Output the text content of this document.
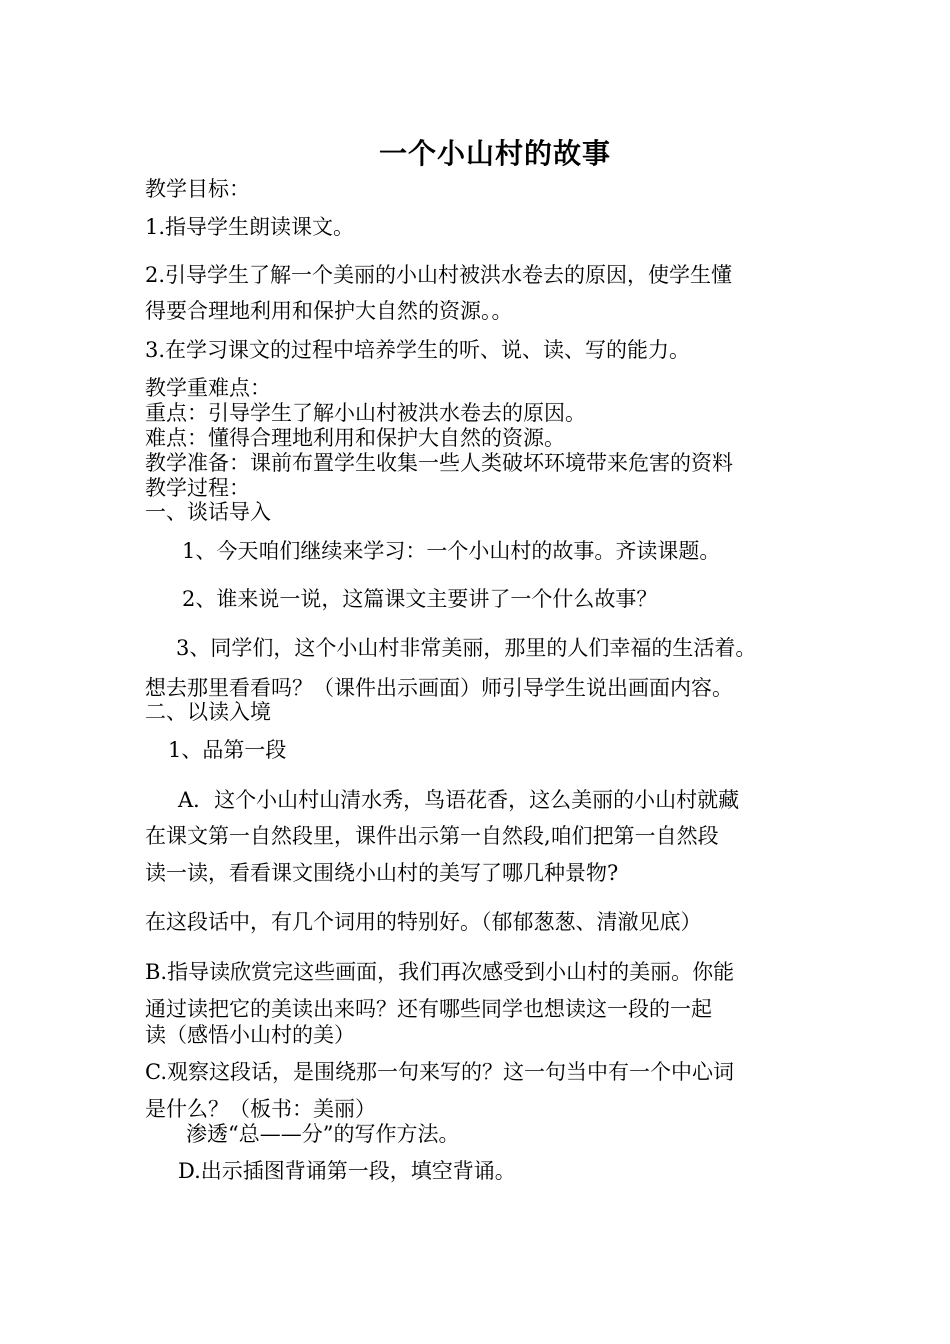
一个小山村的故事
教学目标：
1.指导学生朗读课文。
2.引导学生了解一个美丽的小山村被洪水卷去的原因，使学生懂
得要合理地利用和保护大自然的资源。。
3.在学习课文的过程中培养学生的听、说、读、写的能力。
教学重难点：
重点：引导学生了解小山村被洪水卷去的原因。
难点：懂得合理地利用和保护大自然的资源。
教学准备：课前布置学生收集一些人类破坏环境带来危害的资料
教学过程：
一、谈话导入
1、今天咱们继续来学习：一个小山村的故事。齐读课题。
2、谁来说一说，这篇课文主要讲了一个什么故事？
3、同学们，这个小山村非常美丽，那里的人们幸福的生活着。
想去那里看看吗？（课件出示画面）师引导学生说出画面内容。
二、以读入境
1、品第一段
A．这个小山村山清水秀，鸟语花香，这么美丽的小山村就藏
在课文第一自然段里，课件出示第一自然段,咱们把第一自然段
读一读，看看课文围绕小山村的美写了哪几种景物?
在这段话中，有几个词用的特别好。（郁郁葱葱、清澈见底）
B.指导读欣赏完这些画面，我们再次感受到小山村的美丽。你能
通过读把它的美读出来吗？还有哪些同学也想读这一段的一起
读（感悟小山村的美）
C.观察这段话，是围绕那一句来写的？这一句当中有一个中心词
是什么？（板书：美丽）
渗透“总——分”的写作方法。
D.出示插图背诵第一段，填空背诵。
